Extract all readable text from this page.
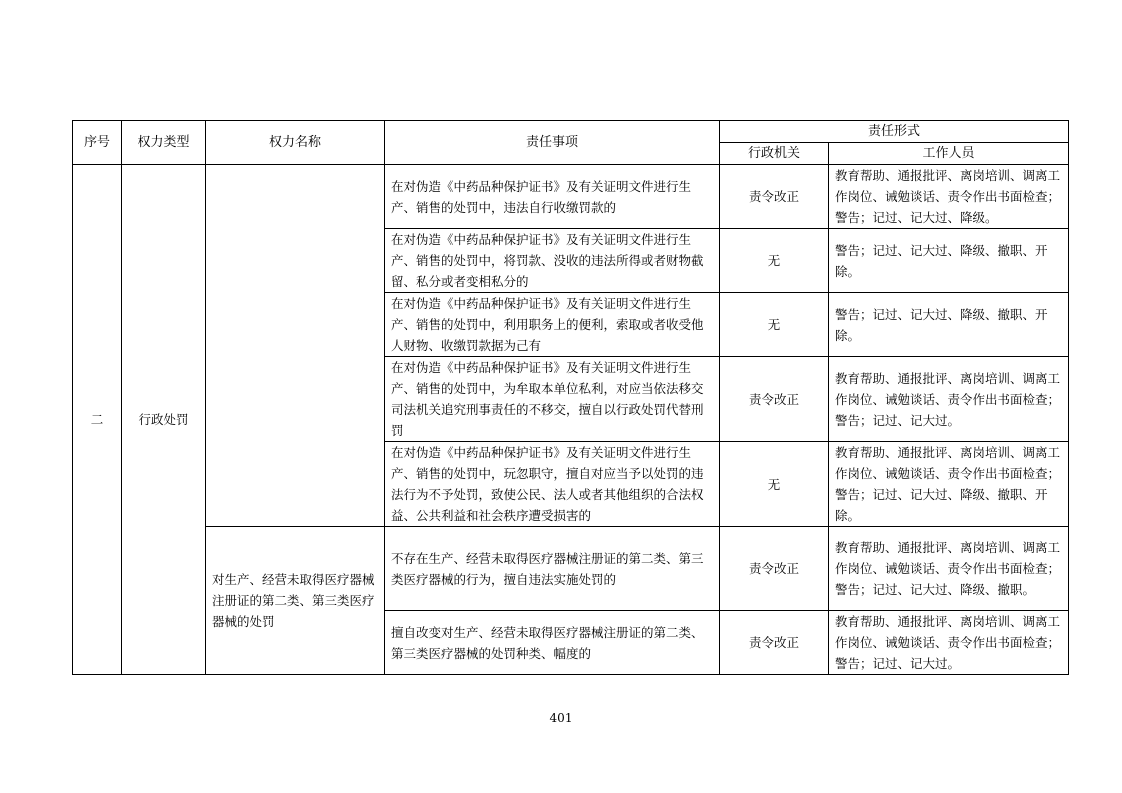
序号	权力类型	权力名称	责任事项	责任形式	
				行政机关	工作人员
二	行政处罚		在对伪造《中药品种保护证书》及有关证明文件进行生产、销售的处罚中，违法自行收缴罚款的	责令改正	教育帮助、通报批评、离岗培训、调离工作岗位、诫勉谈话、责令作出书面检查；警告；记过、记大过、降级。
			在对伪造《中药品种保护证书》及有关证明文件进行生产、销售的处罚中，将罚款、没收的违法所得或者财物截留、私分或者变相私分的	无	警告；记过、记大过、降级、撤职、开除。
			在对伪造《中药品种保护证书》及有关证明文件进行生产、销售的处罚中，利用职务上的便利，索取或者收受他人财物、收缴罚款据为己有	无	警告；记过、记大过、降级、撤职、开除。
			在对伪造《中药品种保护证书》及有关证明文件进行生产、销售的处罚中，为牟取本单位私利，对应当依法移交司法机关追究刑事责任的不移交，擅自以行政处罚代替刑罚	责令改正	教育帮助、通报批评、离岗培训、调离工作岗位、诫勉谈话、责令作出书面检查；警告；记过、记大过。
			在对伪造《中药品种保护证书》及有关证明文件进行生产、销售的处罚中，玩忽职守，擅自对应当予以处罚的违法行为不予处罚，致使公民、法人或者其他组织的合法权益、公共利益和社会秩序遭受损害的	无	教育帮助、通报批评、离岗培训、调离工作岗位、诫勉谈话、责令作出书面检查；警告；记过、记大过、降级、撤职、开除。
		对生产、经营未取得医疗器械注册证的第二类、第三类医疗器械的处罚	不存在生产、经营未取得医疗器械注册证的第二类、第三类医疗器械的行为，擅自违法实施处罚的	责令改正	教育帮助、通报批评、离岗培训、调离工作岗位、诫勉谈话、责令作出书面检查；警告；记过、记大过、降级、撤职。
			擅自改变对生产、经营未取得医疗器械注册证的第二类、第三类医疗器械的处罚种类、幅度的	责令改正	教育帮助、通报批评、离岗培训、调离工作岗位、诫勉谈话、责令作出书面检查；警告；记过、记大过。
401
